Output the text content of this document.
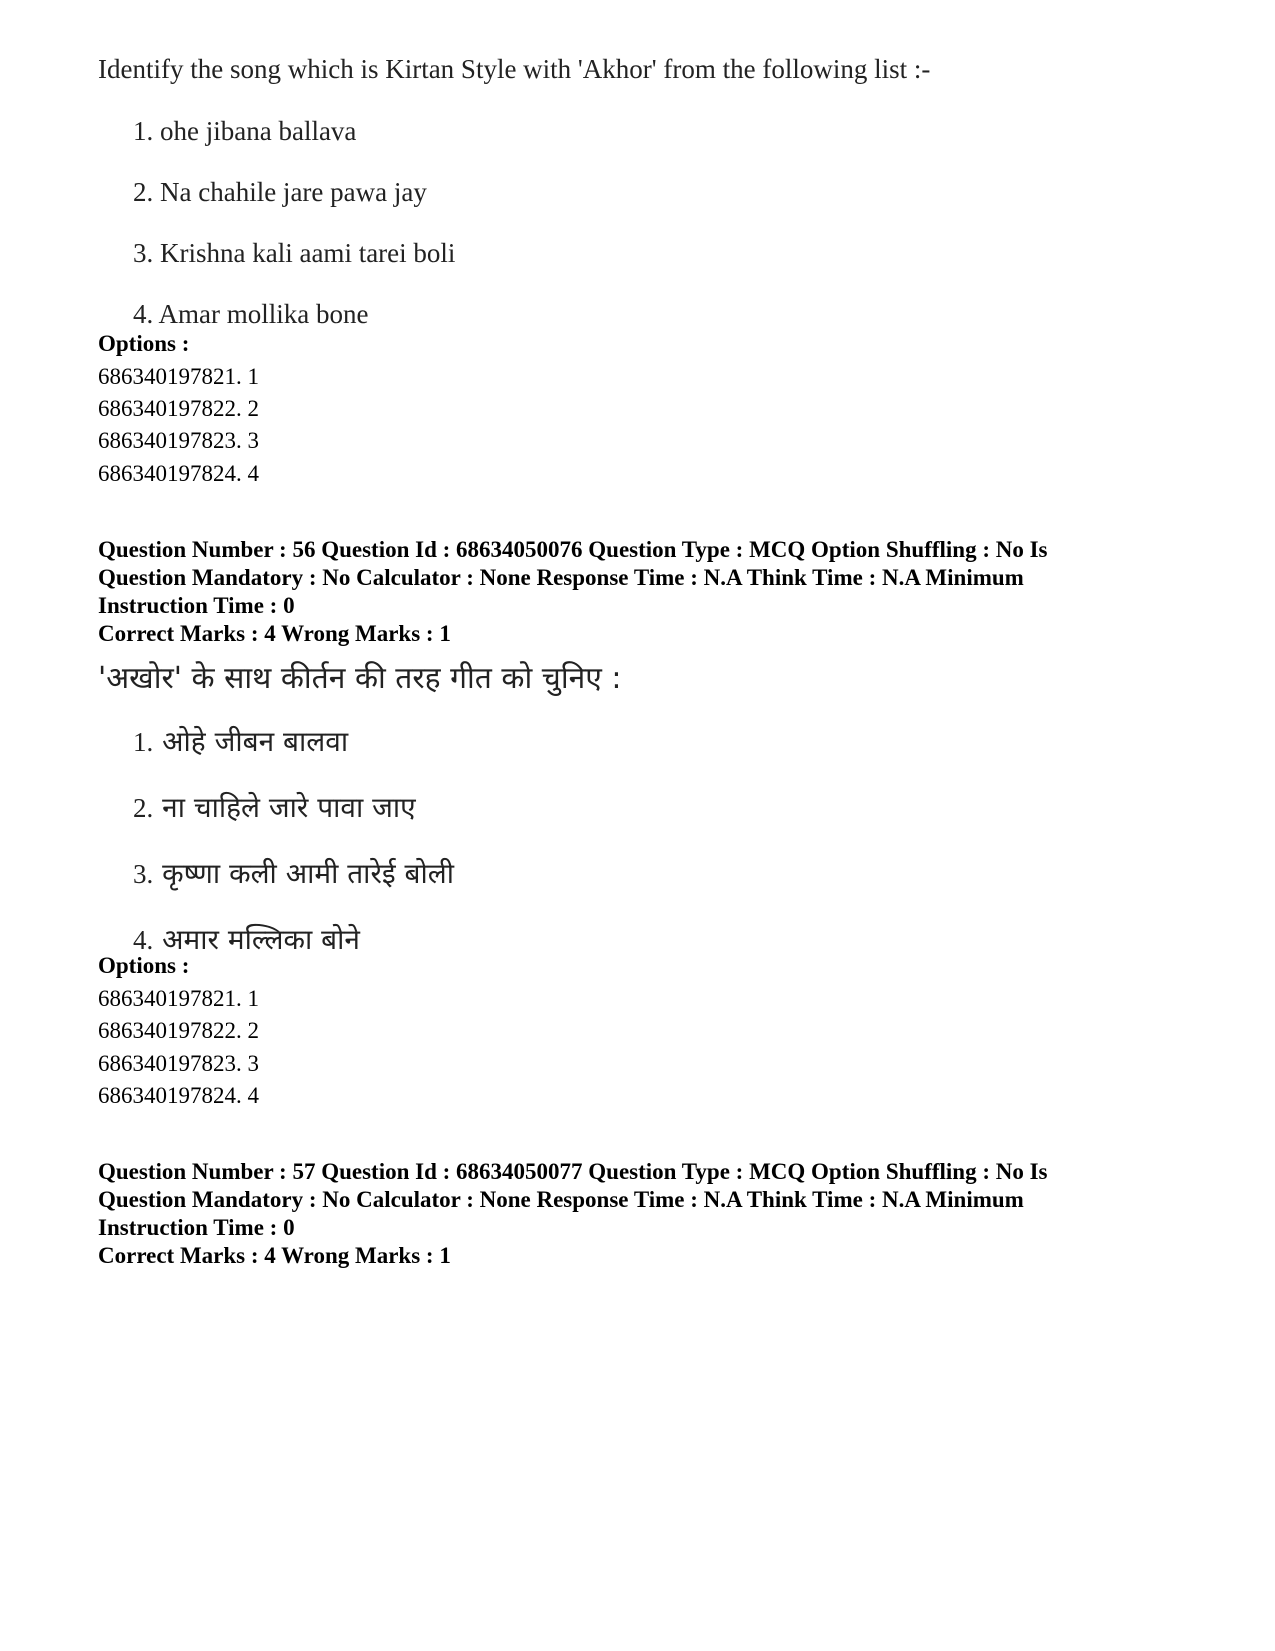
Identify the song which is Kirtan Style with 'Akhor' from the following list :-
1. ohe jibana ballava
2. Na chahile jare pawa jay
3. Krishna kali aami tarei boli
4. Amar mollika bone
Options :
686340197821. 1
686340197822. 2
686340197823. 3
686340197824. 4
Question Number : 56 Question Id : 68634050076 Question Type : MCQ Option Shuffling : No Is
Question Mandatory : No Calculator : None Response Time : N.A Think Time : N.A Minimum
Instruction Time : 0
Correct Marks : 4 Wrong Marks : 1
'अखोर' के साथ कीर्तन की तरह गीत को चुनिए :
1. ओहे जीबन बालवा
2. ना चाहिले जारे पावा जाए
3. कृष्णा कली आमी तारेई बोली
4. अमार मल्लिका बोने
Options :
686340197821. 1
686340197822. 2
686340197823. 3
686340197824. 4
Question Number : 57 Question Id : 68634050077 Question Type : MCQ Option Shuffling : No Is
Question Mandatory : No Calculator : None Response Time : N.A Think Time : N.A Minimum
Instruction Time : 0
Correct Marks : 4 Wrong Marks : 1
